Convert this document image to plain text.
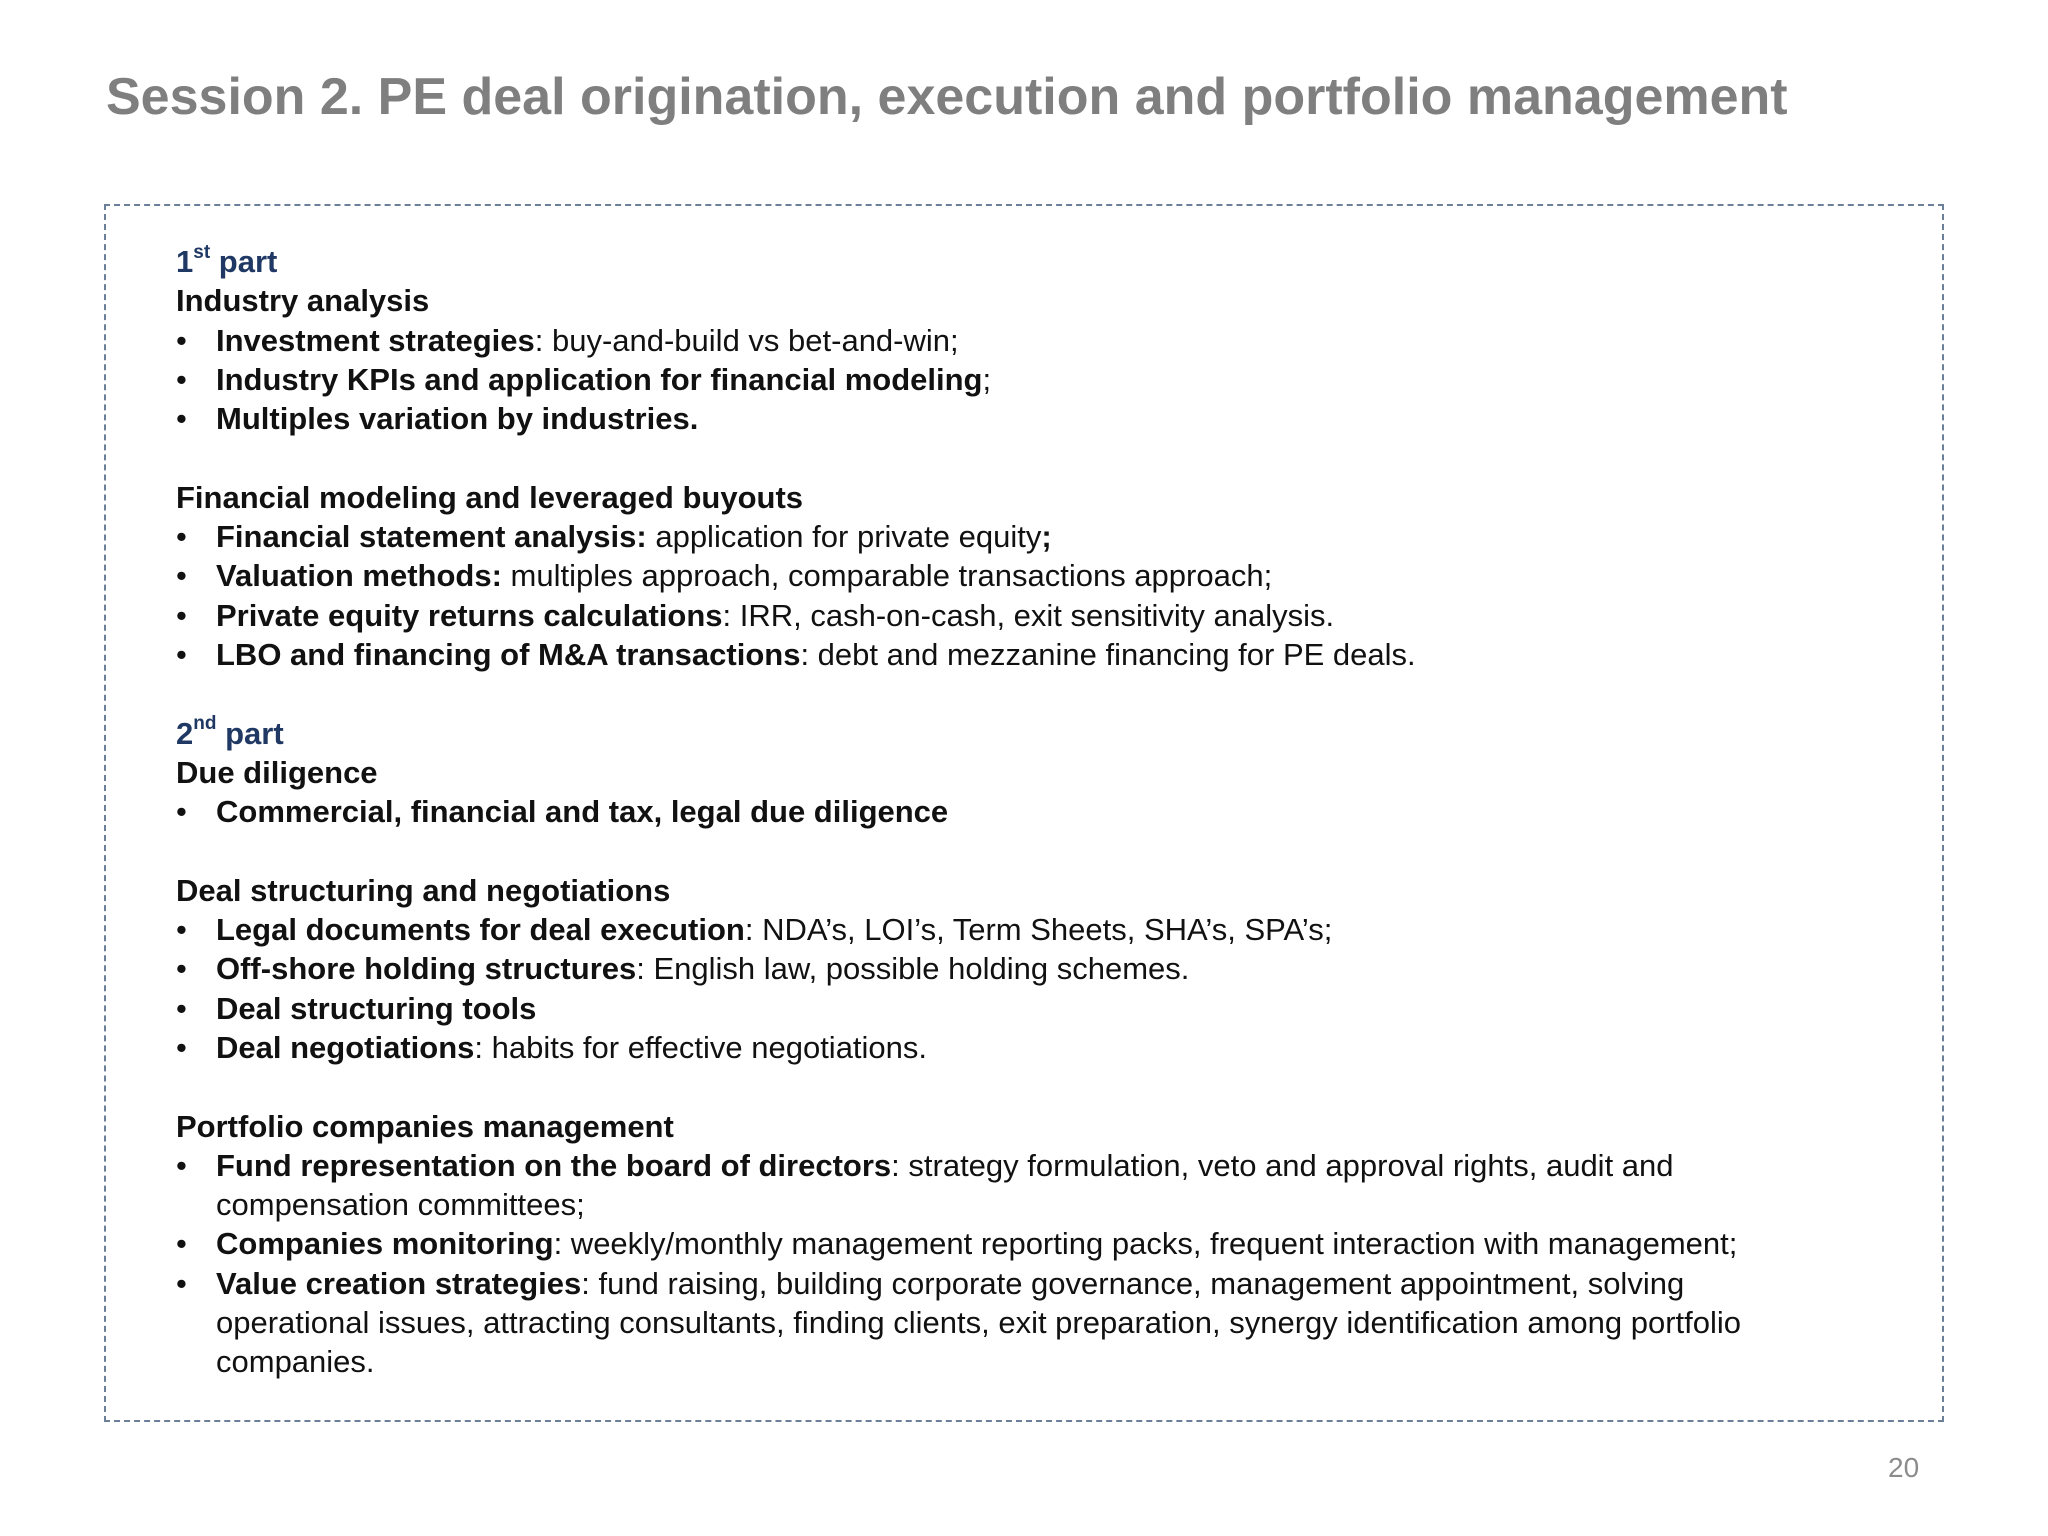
Session 2. PE deal origination, execution and portfolio management
1st part
Industry analysis
• Investment strategies: buy-and-build vs bet-and-win;
• Industry KPIs and application for financial modeling;
• Multiples variation by industries.
Financial modeling and leveraged buyouts
• Financial statement analysis: application for private equity;
• Valuation methods: multiples approach, comparable transactions approach;
• Private equity returns calculations: IRR, cash-on-cash, exit sensitivity analysis.
• LBO and financing of M&A transactions: debt and mezzanine financing for PE deals.
2nd part
Due diligence
• Commercial, financial and tax, legal due diligence
Deal structuring and negotiations
• Legal documents for deal execution: NDA’s, LOI’s, Term Sheets, SHA’s, SPA’s;
• Off-shore holding structures: English law, possible holding schemes.
• Deal structuring tools
• Deal negotiations: habits for effective negotiations.
Portfolio companies management
• Fund representation on the board of directors: strategy formulation, veto and approval rights, audit and compensation committees;
• Companies monitoring: weekly/monthly management reporting packs, frequent interaction with management;
• Value creation strategies: fund raising, building corporate governance, management appointment, solving operational issues, attracting consultants, finding clients, exit preparation, synergy identification among portfolio companies.
20
